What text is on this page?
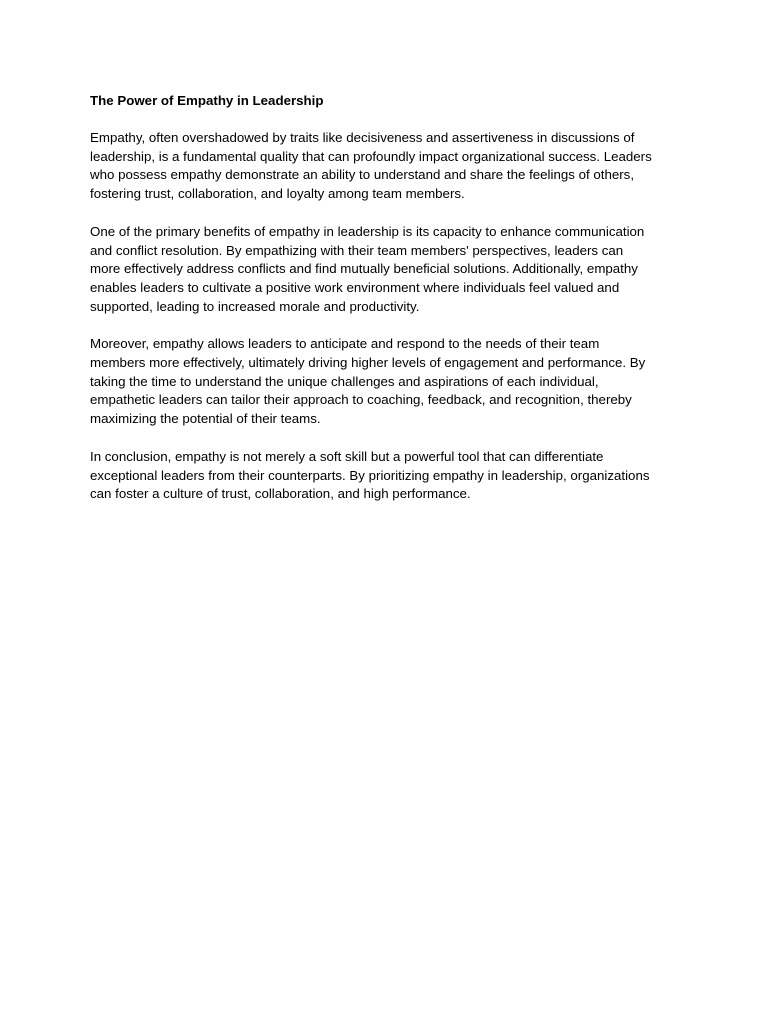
The Power of Empathy in Leadership

Empathy, often overshadowed by traits like decisiveness and assertiveness in discussions of
leadership, is a fundamental quality that can profoundly impact organizational success. Leaders
who possess empathy demonstrate an ability to understand and share the feelings of others,
fostering trust, collaboration, and loyalty among team members.

One of the primary benefits of empathy in leadership is its capacity to enhance communication
and conflict resolution. By empathizing with their team members' perspectives, leaders can
more effectively address conflicts and find mutually beneficial solutions. Additionally, empathy
enables leaders to cultivate a positive work environment where individuals feel valued and
supported, leading to increased morale and productivity.

Moreover, empathy allows leaders to anticipate and respond to the needs of their team
members more effectively, ultimately driving higher levels of engagement and performance. By
taking the time to understand the unique challenges and aspirations of each individual,
empathetic leaders can tailor their approach to coaching, feedback, and recognition, thereby
maximizing the potential of their teams.

In conclusion, empathy is not merely a soft skill but a powerful tool that can differentiate
exceptional leaders from their counterparts. By prioritizing empathy in leadership, organizations
can foster a culture of trust, collaboration, and high performance.
